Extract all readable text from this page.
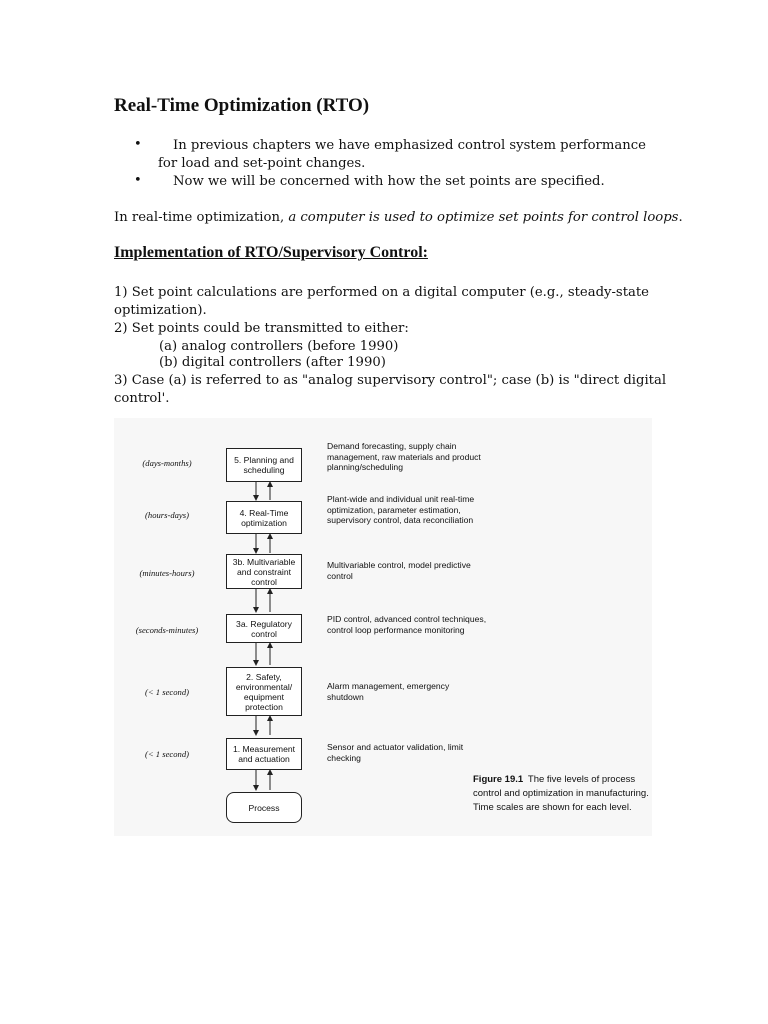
Real-Time Optimization (RTO)
•	In previous chapters we have emphasized control system performance for load and set-point changes.
• Now we will be concerned with how the set points are specified.
In real-time optimization, a computer is used to optimize set points for control loops.
Implementation of RTO/Supervisory Control:
1) Set point calculations are performed on a digital computer (e.g., steady-state
optimization).
2) Set points could be transmitted to either:
(a) analog controllers (before 1990)
(b) digital controllers (after 1990)
3) Case (a) is referred to as "analog supervisory control"; case (b) is "direct digital
control'.
5. Planning and scheduling
4. Real-Time optimization
3b. Multivariable and constraint control
3a. Regulatory control
2. Safety, environmental/ equipment protection
1. Measurement and actuation
Process
(days-months)
(hours-days)
(minutes-hours)
(seconds-minutes)
(< 1 second)
(< 1 second)
Demand forecasting, supply chain management, raw materials and product planning/scheduling
Plant-wide and individual unit real-time optimization, parameter estimation, supervisory control, data reconciliation
Multivariable control, model predictive control
PID control, advanced control techniques, control loop performance monitoring
Alarm management, emergency shutdown
Sensor and actuator validation, limit checking
Figure 19.1 The five levels of process control and optimization in manufacturing. Time scales are shown for each level.
